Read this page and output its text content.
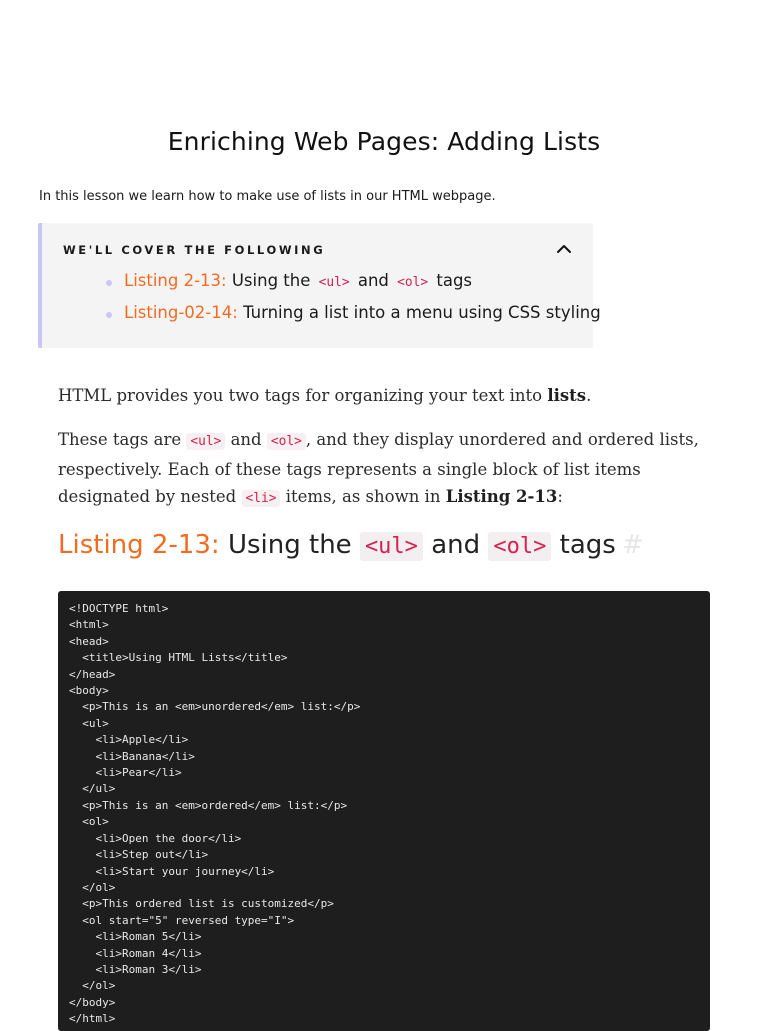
Enriching Web Pages: Adding Lists
In this lesson we learn how to make use of lists in our HTML webpage.
WE'LL COVER THE FOLLOWING
Listing 2-13: Using the <ul> and <ol> tags
Listing-02-14: Turning a list into a menu using CSS styling

HTML provides you two tags for organizing your text into lists.

These tags are <ul> and <ol> , and they display unordered and ordered lists, respectively. Each of these tags represents a single block of list items designated by nested <li> items, as shown in Listing 2-13:

Listing 2-13: Using the <ul> and <ol> tags #
<!DOCTYPE html>
<html>
<head>
<title>Using HTML Lists</title>
</head>
<body>
<p>This is an <em>unordered</em> list:</p>
<ul>
<li>Apple</li>
<li>Banana</li>
<li>Pear</li>
</ul>
<p>This is an <em>ordered</em> list:</p>
<ol>
<li>Open the door</li>
<li>Step out</li>
<li>Start your journey</li>
</ol>
<p>This ordered list is customized</p>
<ol start="5" reversed type="I">
<li>Roman 5</li>
<li>Roman 4</li>
<li>Roman 3</li>
</ol>
</body>
</html>
